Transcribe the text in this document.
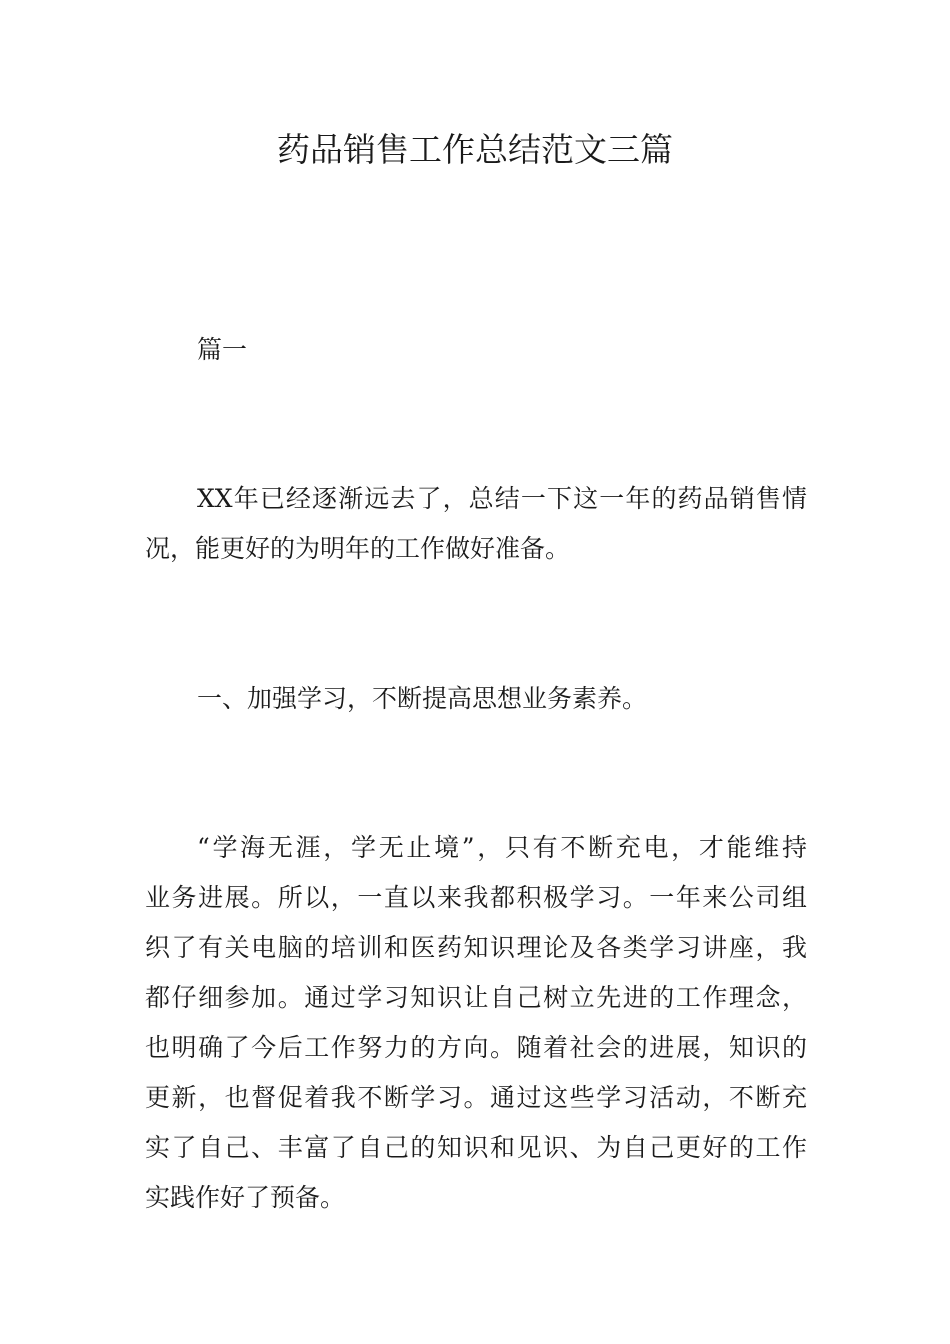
药品销售工作总结范文三篇
篇一
XX年已经逐渐远去了，总结一下这一年的药品销售情
况，能更好的为明年的工作做好准备。
一、加强学习，不断提高思想业务素养。
“学海无涯，学无止境”，只有不断充电，才能维持
业务进展。所以，一直以来我都积极学习。一年来公司组
织了有关电脑的培训和医药知识理论及各类学习讲座，我
都仔细参加。通过学习知识让自己树立先进的工作理念，
也明确了今后工作努力的方向。随着社会的进展，知识的
更新，也督促着我不断学习。通过这些学习活动，不断充
实了自己、丰富了自己的知识和见识、为自己更好的工作
实践作好了预备。
